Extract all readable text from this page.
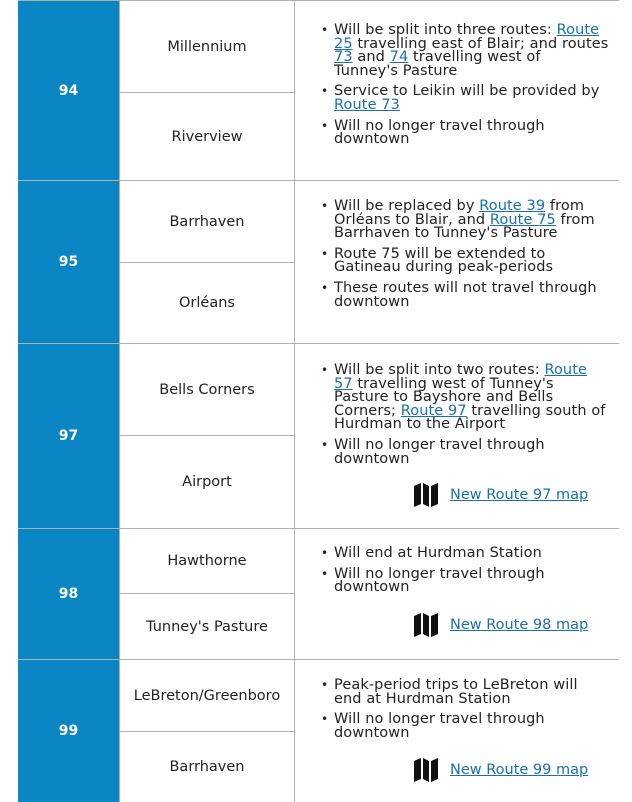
94
Millennium
Riverview
• Will be split into three routes: Route 25 travelling east of Blair; and routes 73 and 74 travelling west of Tunney's Pasture
• Service to Leikin will be provided by Route 73
• Will no longer travel through downtown
95
Barrhaven
Orléans
• Will be replaced by Route 39 from Orléans to Blair, and Route 75 from Barrhaven to Tunney's Pasture
• Route 75 will be extended to Gatineau during peak-periods
• These routes will not travel through downtown
97
Bells Corners
Airport
• Will be split into two routes: Route 57 travelling west of Tunney's Pasture to Bayshore and Bells Corners; Route 97 travelling south of Hurdman to the Airport
• Will no longer travel through downtown
New Route 97 map
98
Hawthorne
Tunney's Pasture
• Will end at Hurdman Station
• Will no longer travel through downtown
New Route 98 map
99
LeBreton/Greenboro
Barrhaven
• Peak-period trips to LeBreton will end at Hurdman Station
• Will no longer travel through downtown
New Route 99 map
